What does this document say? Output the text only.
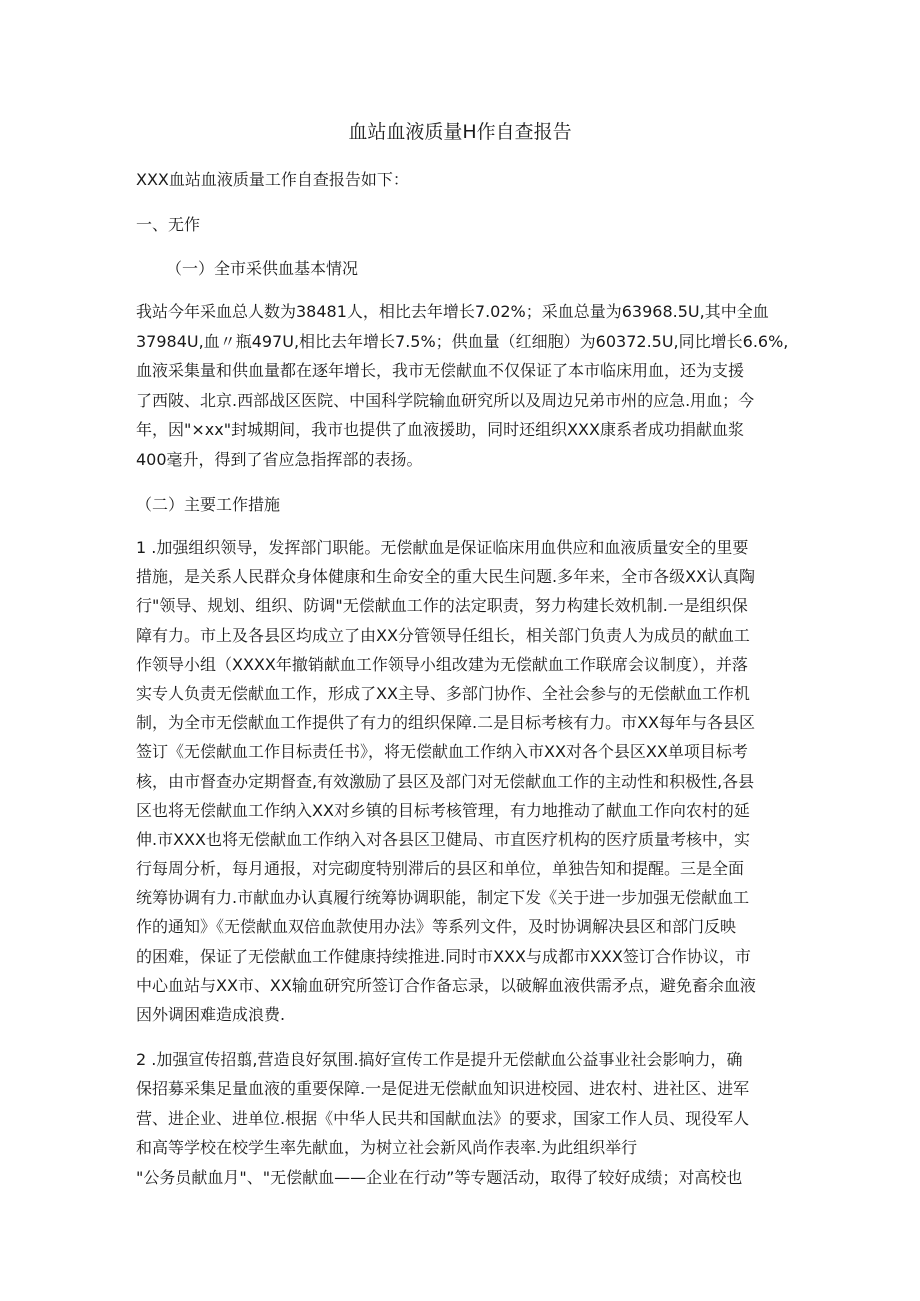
血站血液质量H作自查报告

XXX血站血液质量工作自查报告如下：

一、无作

（一）全市采供血基本情况

我站今年采血总人数为38481人，相比去年增长7.02%；采血总量为63968.5U,其中全血
37984U,血〃瓶497U,相比去年增长7.5%；供血量（红细胞）为60372.5U,同比增长6.6%,
血液采集量和供血量都在逐年增长，我市无偿献血不仅保证了本市临床用血，还为支援
了西陂、北京.西部战区医院、中国科学院输血研究所以及周边兄弟市州的应急.用血；今
年，因"×xx"封城期间，我市也提供了血液援助，同时还组织XXX康系者成功捐献血浆
400毫升，得到了省应急指挥部的表扬。

（二）主要工作措施

1 .加强组织领导，发挥部门职能。无偿献血是保证临床用血供应和血液质量安全的里要
措施，是关系人民群众身体健康和生命安全的重大民生问题.多年来，全市各级XX认真陶
行"领导、规划、组织、防调"无偿献血工作的法定职责，努力构建长效机制.一是组织保
障有力。市上及各县区均成立了由XX分管领导任组长，相关部门负责人为成员的献血工
作领导小组（XXXX年撤销献血工作领导小组改建为无偿献血工作联席会议制度），并落
实专人负责无偿献血工作，形成了XX主导、多部门协作、全社会参与的无偿献血工作机
制，为全市无偿献血工作提供了有力的组织保障.二是目标考核有力。市XX每年与各县区
签订《无偿献血工作目标责任书》，将无偿献血工作纳入市XX对各个县区XX单项目标考
核，由市督查办定期督查,有效激励了县区及部门对无偿献血工作的主动性和积极性,各县
区也将无偿献血工作纳入XX对乡镇的目标考核管理，有力地推动了献血工作向农村的延
伸.市XXX也将无偿献血工作纳入对各县区卫健局、市直医疗机构的医疗质量考核中，实
行每周分析，每月通报，对完砌度特别滞后的县区和单位，单独告知和提醒。三是全面
统筹协调有力.市献血办认真履行统筹协调职能，制定下发《关于进一步加强无偿献血工
作的通知》《无偿献血双倍血款使用办法》等系列文件，及时协调解决县区和部门反映
的困难，保证了无偿献血工作健康持续推进.同时市XXX与成都市XXX签订合作协议，市
中心血站与XX市、XX输血研究所签订合作备忘录，以破解血液供需矛点，避免畜余血液
因外调困难造成浪费.
2 .加强宣传招翦,营造良好氛围.搞好宣传工作是提升无偿献血公益事业社会影响力，确
保招募采集足量血液的重要保障.一是促进无偿献血知识进校园、进农村、进社区、进军
营、进企业、进单位.根据《中华人民共和国献血法》的要求，国家工作人员、现役军人
和高等学校在校学生率先献血，为树立社会新风尚作表率.为此组织举行
"公务员献血月"、"无偿献血——企业在行动”等专题活动，取得了较好成绩；对高校也
